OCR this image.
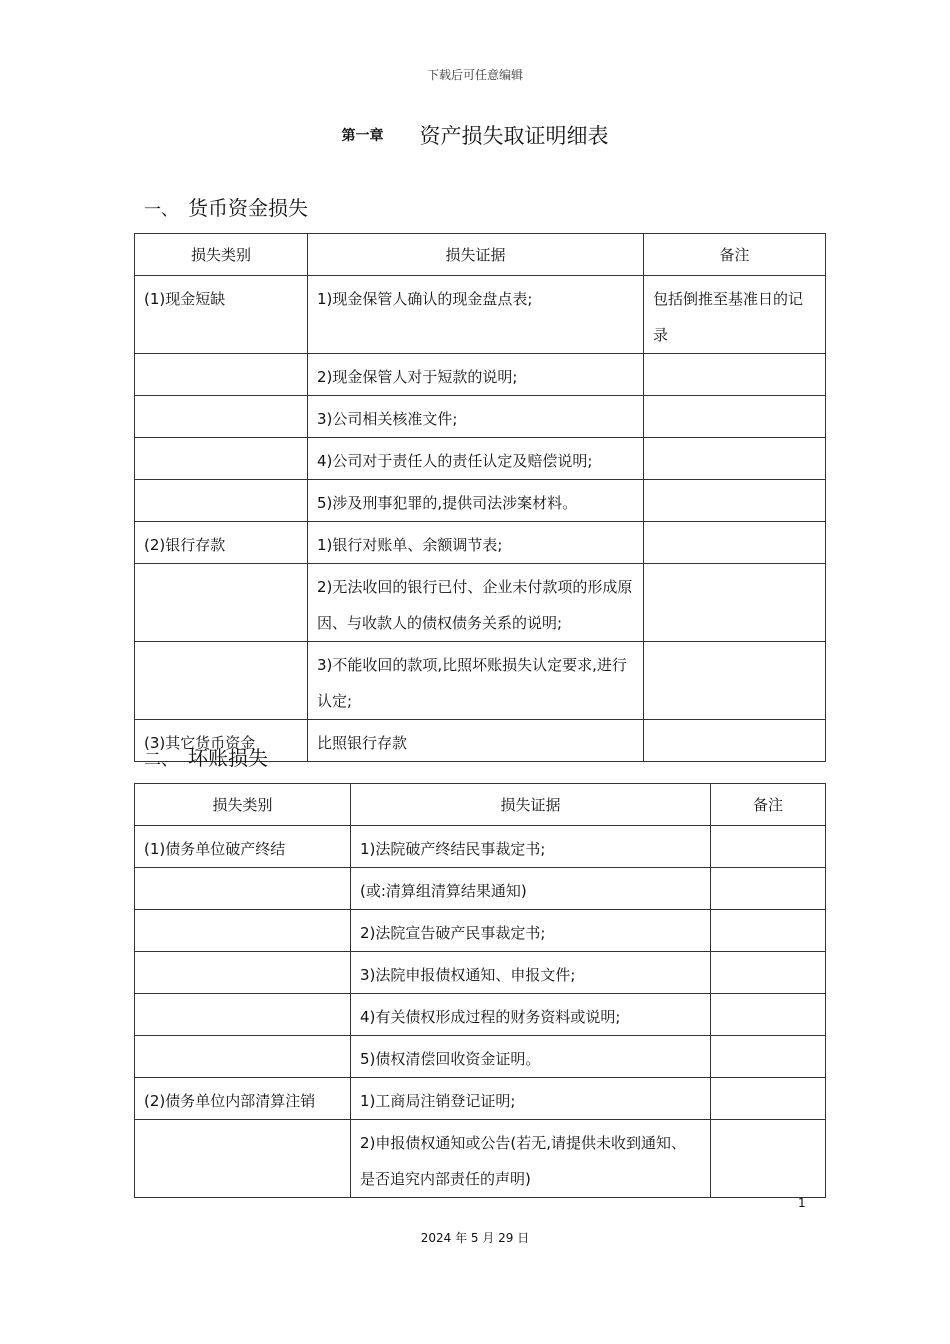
下载后可任意编辑
第一章 资产损失取证明细表
一、 货币资金损失
损失类别	损失证据	备注
(1)现金短缺	1)现金保管人确认的现金盘点表;	包括倒推至基准日的记录
	2)现金保管人对于短款的说明;	
	3)公司相关核准文件;	
	4)公司对于责任人的责任认定及赔偿说明;	
	5)涉及刑事犯罪的,提供司法涉案材料。	
(2)银行存款	1)银行对账单、余额调节表;	
	2)无法收回的银行已付、企业未付款项的形成原因、与收款人的债权债务关系的说明;	
	3)不能收回的款项,比照坏账损失认定要求,进行认定;	
(3)其它货币资金	比照银行存款	
二、 坏账损失
损失类别	损失证据	备注
(1)债务单位破产终结	1)法院破产终结民事裁定书;	
	(或:清算组清算结果通知)	
	2)法院宣告破产民事裁定书;	
	3)法院申报债权通知、申报文件;	
	4)有关债权形成过程的财务资料或说明;	
	5)债权清偿回收资金证明。	
(2)债务单位内部清算注销	1)工商局注销登记证明;	
	2)申报债权通知或公告(若无,请提供未收到通知、是否追究内部责任的声明)	
1
2024 年 5 月 29 日
